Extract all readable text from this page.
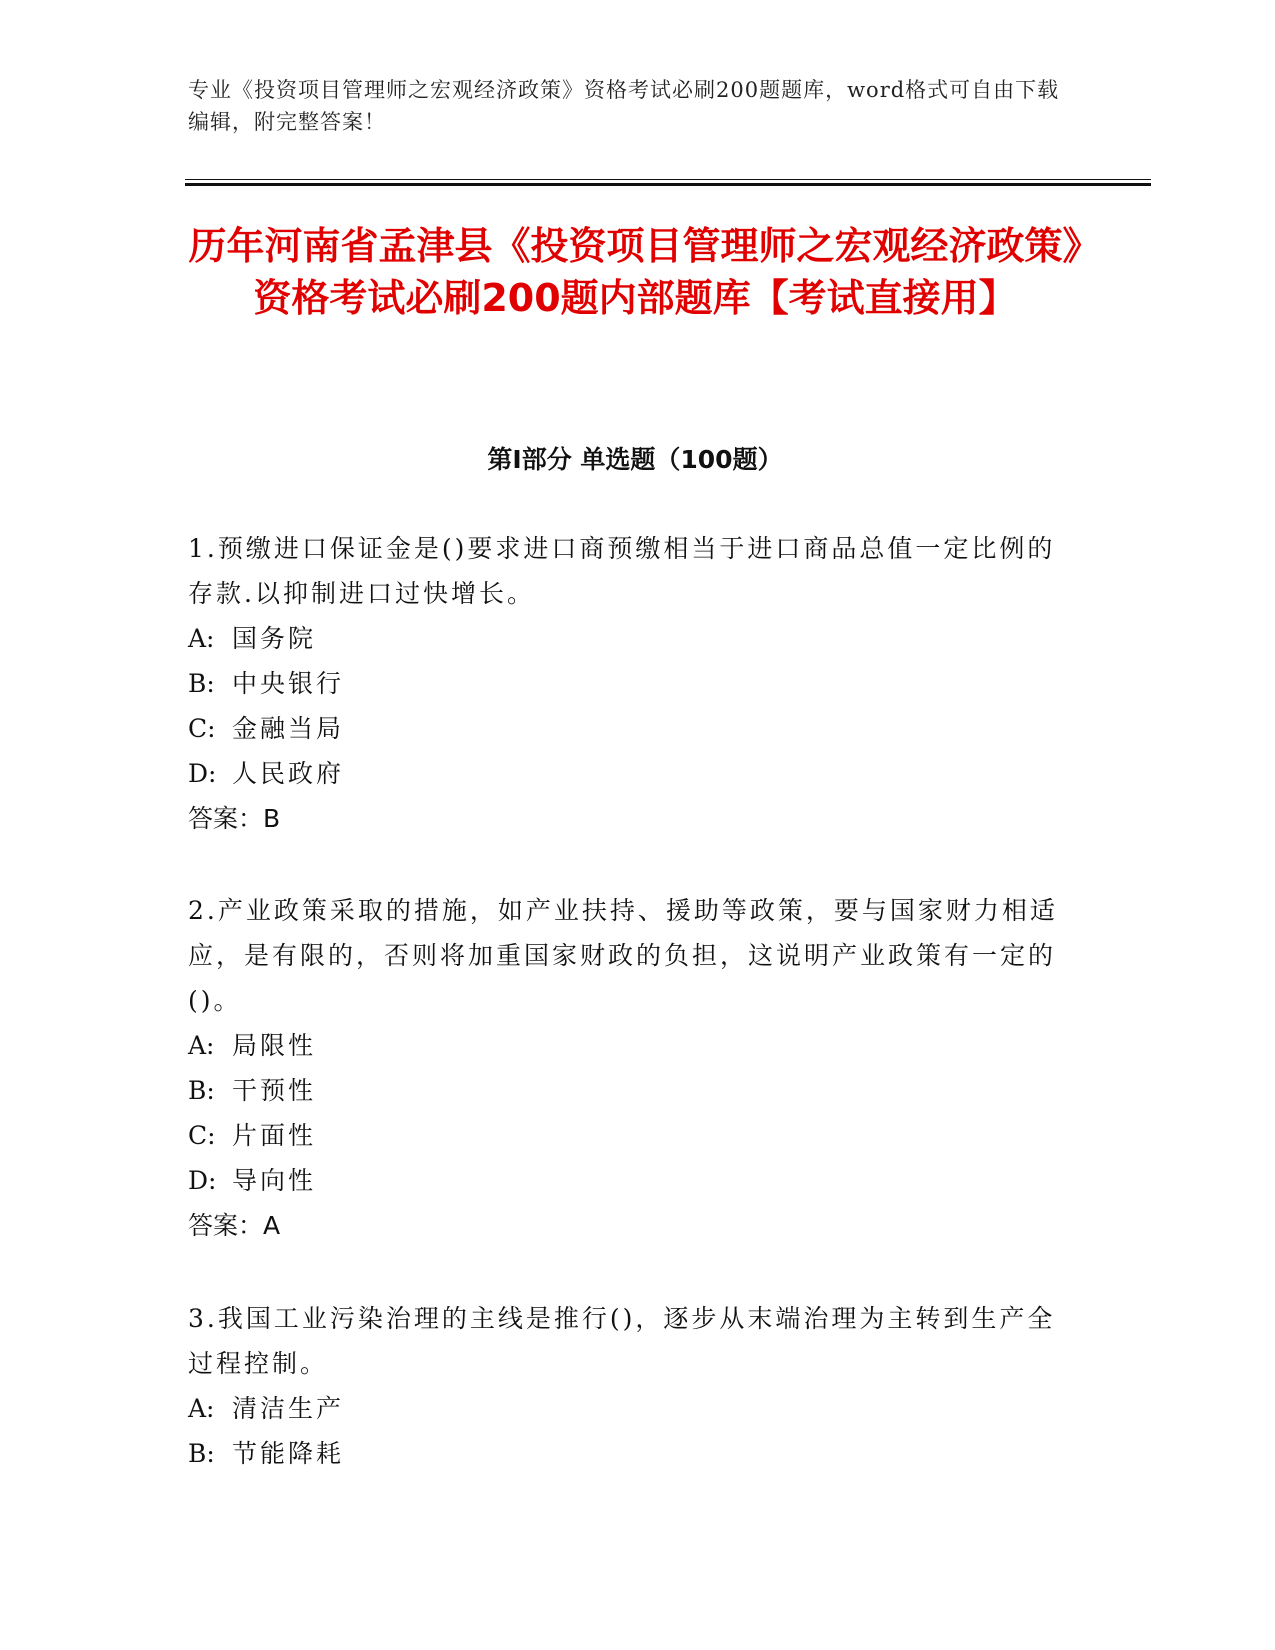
专业《投资项目管理师之宏观经济政策》资格考试必刷200题题库，word格式可自由下载编辑，附完整答案！
历年河南省孟津县《投资项目管理师之宏观经济政策》资格考试必刷200题内部题库【考试直接用】
第I部分 单选题（100题）
1.预缴进口保证金是()要求进口商预缴相当于进口商品总值一定比例的存款.以抑制进口过快增长。
A: 国务院
B: 中央银行
C: 金融当局
D: 人民政府
答案：B
2.产业政策采取的措施，如产业扶持、援助等政策，要与国家财力相适应，是有限的，否则将加重国家财政的负担，这说明产业政策有一定的()。
A: 局限性
B: 干预性
C: 片面性
D: 导向性
答案：A
3.我国工业污染治理的主线是推行()，逐步从末端治理为主转到生产全过程控制。
A: 清洁生产
B: 节能降耗
